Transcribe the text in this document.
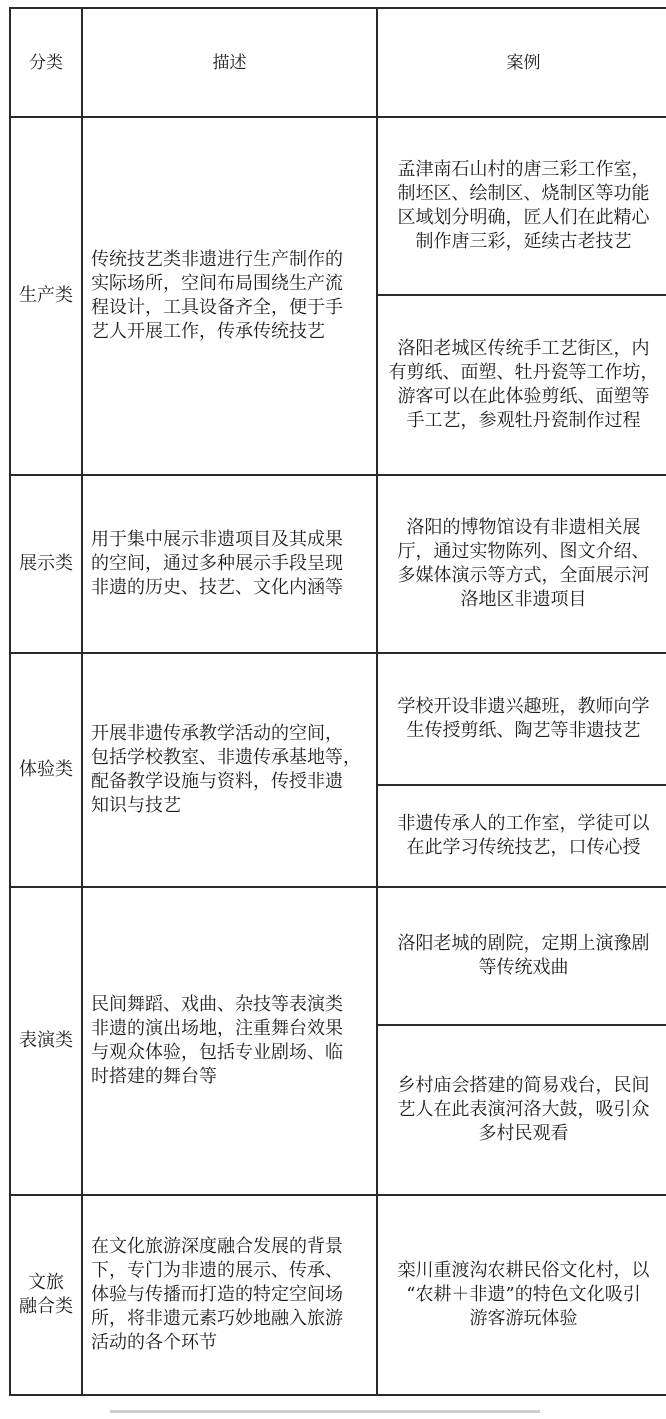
分类	描述	案例

生产类	传统技艺类非遗进行生产制作的
实际场所，空间布局围绕生产流
程设计，工具设备齐全，便于手
艺人开展工作，传承传统技艺	孟津南石山村的唐三彩工作室，
制坯区、绘制区、烧制区等功能
区域划分明确，匠人们在此精心
制作唐三彩，延续古老技艺

		洛阳老城区传统手工艺街区，内
有剪纸、面塑、牡丹瓷等工作坊，
游客可以在此体验剪纸、面塑等
手工艺，参观牡丹瓷制作过程

展示类	用于集中展示非遗项目及其成果
的空间，通过多种展示手段呈现
非遗的历史、技艺、文化内涵等	洛阳的博物馆设有非遗相关展
厅，通过实物陈列、图文介绍、
多媒体演示等方式，全面展示河
洛地区非遗项目

体验类	开展非遗传承教学活动的空间，
包括学校教室、非遗传承基地等，
配备教学设施与资料，传授非遗
知识与技艺	学校开设非遗兴趣班，教师向学
生传授剪纸、陶艺等非遗技艺

		非遗传承人的工作室，学徒可以
在此学习传统技艺，口传心授

表演类	民间舞蹈、戏曲、杂技等表演类
非遗的演出场地，注重舞台效果
与观众体验，包括专业剧场、临
时搭建的舞台等	洛阳老城的剧院，定期上演豫剧
等传统戏曲

		乡村庙会搭建的简易戏台，民间
艺人在此表演河洛大鼓，吸引众
多村民观看

文旅
融合类	在文化旅游深度融合发展的背景
下，专门为非遗的展示、传承、
体验与传播而打造的特定空间场
所，将非遗元素巧妙地融入旅游
活动的各个环节	栾川重渡沟农耕民俗文化村，以
“农耕＋非遗”的特色文化吸引
游客游玩体验
